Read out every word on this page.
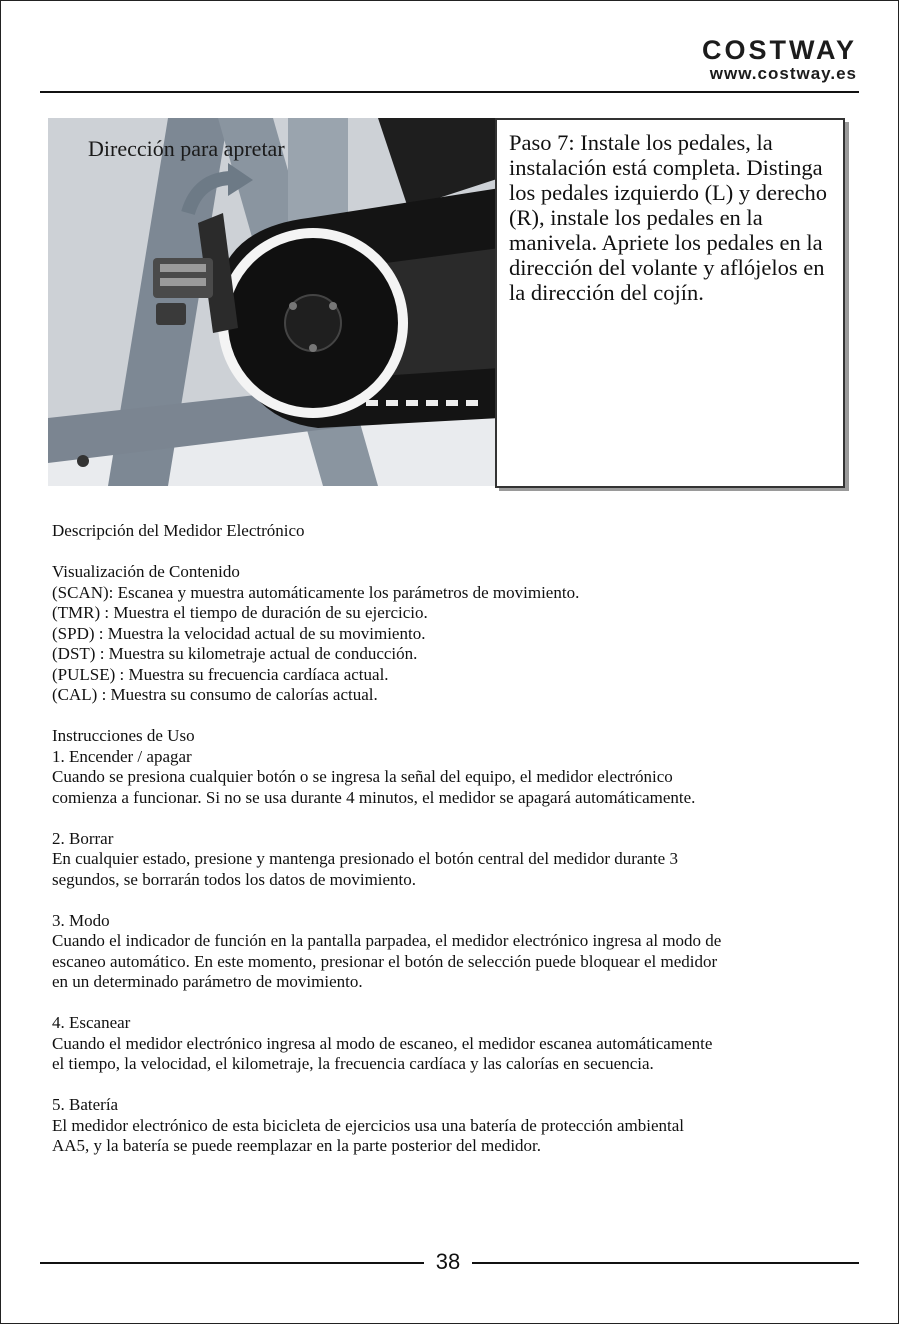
COSTWAY
www.costway.es
Dirección para apretar	Paso 7: Instale los pedales, la instalación está completa. Distinga los pedales izquierdo (L) y derecho (R), instale los pedales en la manivela. Apriete los pedales en la dirección del volante y aflójelos en la dirección del cojín.

Descripción del Medidor Electrónico

Visualización de Contenido

(SCAN): Escanea y muestra automáticamente los parámetros de movimiento.

(TMR) : Muestra el tiempo de duración de su ejercicio.

(SPD) : Muestra la velocidad actual de su movimiento.

(DST) : Muestra su kilometraje actual de conducción.

(PULSE) : Muestra su frecuencia cardíaca actual.

(CAL) : Muestra su consumo de calorías actual.

Instrucciones de Uso

1. Encender / apagar

Cuando se presiona cualquier botón o se ingresa la señal del equipo, el medidor electrónico

comienza a funcionar. Si no se usa durante 4 minutos, el medidor se apagará automáticamente.

2. Borrar

En cualquier estado, presione y mantenga presionado el botón central del medidor durante 3

segundos, se borrarán todos los datos de movimiento.

3. Modo

Cuando el indicador de función en la pantalla parpadea, el medidor electrónico ingresa al modo de

escaneo automático. En este momento, presionar el botón de selección puede bloquear el medidor

en un determinado parámetro de movimiento.

4. Escanear

Cuando el medidor electrónico ingresa al modo de escaneo, el medidor escanea automáticamente

el tiempo, la velocidad, el kilometraje, la frecuencia cardíaca y las calorías en secuencia.

5. Batería

El medidor electrónico de esta bicicleta de ejercicios usa una batería de protección ambiental

AA5, y la batería se puede reemplazar en la parte posterior del medidor.

38
